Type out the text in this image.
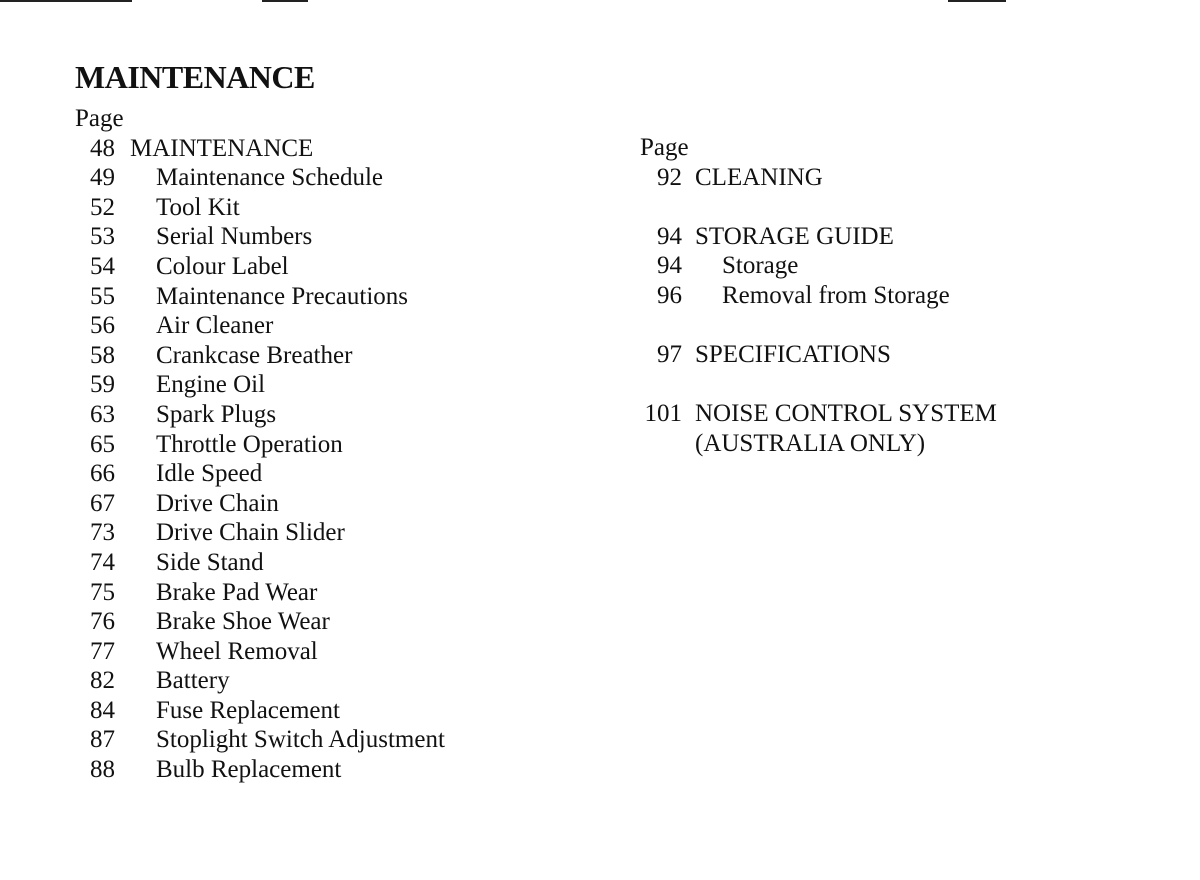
MAINTENANCE
Page
48 MAINTENANCE
49 Maintenance Schedule
52 Tool Kit
53 Serial Numbers
54 Colour Label
55 Maintenance Precautions
56 Air Cleaner
58 Crankcase Breather
59 Engine Oil
63 Spark Plugs
65 Throttle Operation
66 Idle Speed
67 Drive Chain
73 Drive Chain Slider
74 Side Stand
75 Brake Pad Wear
76 Brake Shoe Wear
77 Wheel Removal
82 Battery
84 Fuse Replacement
87 Stoplight Switch Adjustment
88 Bulb Replacement
Page
92 CLEANING
94 STORAGE GUIDE
94 Storage
96 Removal from Storage
97 SPECIFICATIONS
101 NOISE CONTROL SYSTEM
(AUSTRALIA ONLY)
